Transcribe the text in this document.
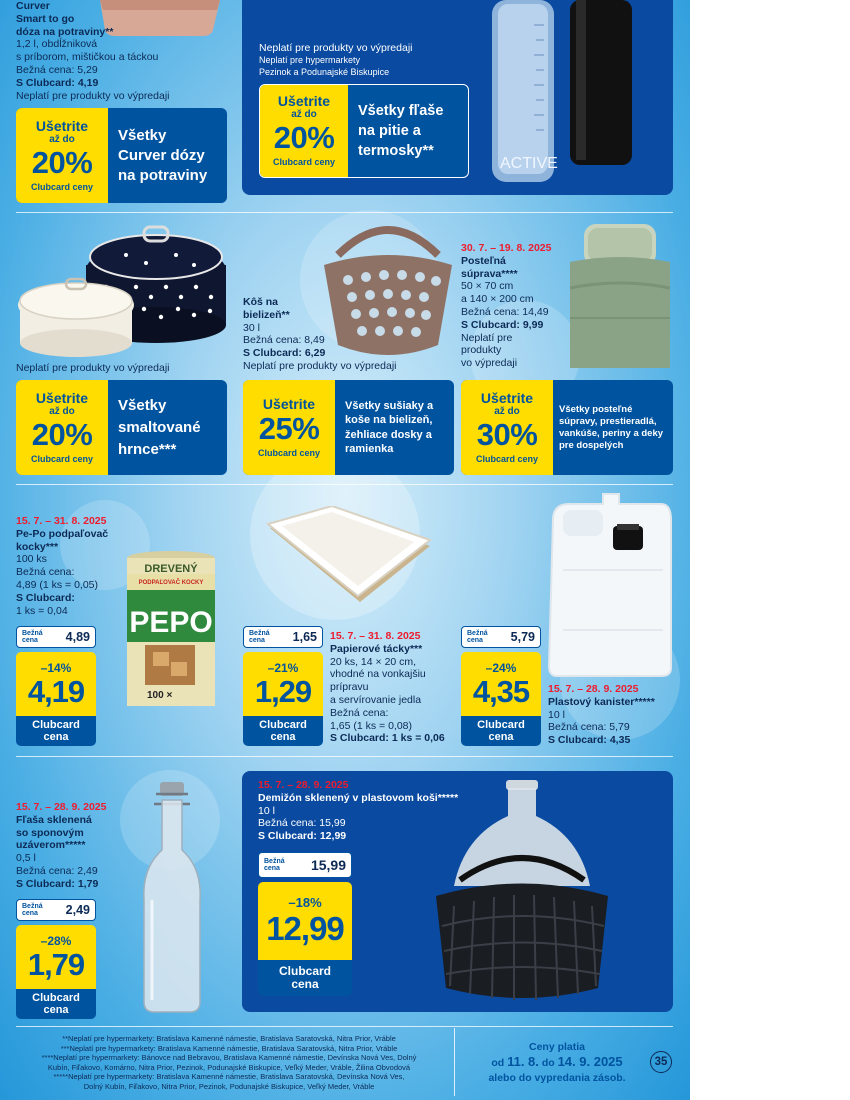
Curver
Smart to go
dóza na potraviny**
1,2 l, obdĺžniková
s príborom, mištičkou a táckou
Bežná cena: 5,29
S Clubcard: 4,19
Neplatí pre produkty vo výpredaji
Ušetrite
až do
20%
Clubcard ceny
Všetky Curver dózy na potraviny
Neplatí pre produkty vo výpredaji
Neplatí pre hypermarkety
Pezinok a Podunajské Biskupice
Ušetrite
až do
20%
Clubcard ceny
Všetky fľaše na pitie a termosky**
ACTIVE
Neplatí pre produkty vo výpredaji
Ušetrite
až do
20%
Clubcard ceny
Všetky smaltované hrnce***
Kôš na
bielizeň**
30 l
Bežná cena: 8,49
S Clubcard: 6,29
Neplatí pre produkty vo výpredaji
Ušetrite
25%
Clubcard ceny
Všetky sušiaky a koše na bielizeň, žehliace dosky a ramienka
30. 7. – 19. 8. 2025
Posteľná
súprava****
50 × 70 cm
a 140 × 200 cm
Bežná cena: 14,49
S Clubcard: 9,99
Neplatí pre
produkty
vo výpredaji
Ušetrite
až do
30%
Clubcard ceny
Všetky posteľné súpravy, prestieradlá, vankúše, periny a deky pre dospelých
15. 7. – 31. 8. 2025
Pe-Po podpaľovač
kocky***
100 ks
Bežná cena:
4,89 (1 ks = 0,05)
S Clubcard:
1 ks = 0,04
DREVENÝ
PODPAĽOVAČ KOCKY
PEPO
100 ×
Bežná cena	4,89
–14%
4,19
Clubcard
cena
Bežná cena	1,65
–21%
1,29
Clubcard
cena
15. 7. – 31. 8. 2025
Papierové tácky***
20 ks, 14 × 20 cm,
vhodné na vonkajšiu
prípravu
a servírovanie jedla
Bežná cena:
1,65 (1 ks = 0,08)
S Clubcard: 1 ks = 0,06
Bežná cena	5,79
–24%
4,35
Clubcard
cena
15. 7. – 28. 9. 2025
Plastový kanister*****
10 l
Bežná cena: 5,79
S Clubcard: 4,35
15. 7. – 28. 9. 2025
Fľaša sklenená
so sponovým
uzáverom*****
0,5 l
Bežná cena: 2,49
S Clubcard: 1,79
Bežná cena	2,49
–28%
1,79
Clubcard
cena
15. 7. – 28. 9. 2025
Demižón sklenený v plastovom koši*****
10 l
Bežná cena: 15,99
S Clubcard: 12,99
Bežná cena	15,99
–18%
12,99
Clubcard
cena
**Neplatí pre hypermarkety: Bratislava Kamenné námestie, Bratislava Saratovská, Nitra Prior, Vráble
***Neplatí pre hypermarkety: Bratislava Kamenné námestie, Bratislava Saratovská, Nitra Prior, Vráble
****Neplatí pre hypermarkety: Bánovce nad Bebravou, Bratislava Kamenné námestie, Devínska Nová Ves, Dolný
Kubín, Fiľakovo, Komárno, Nitra Prior, Pezinok, Podunajské Biskupice, Veľký Meder, Vráble, Žilina Obvodová
*****Neplatí pre hypermarkety: Bratislava Kamenné námestie, Bratislava Saratovská, Devínska Nová Ves,
Dolný Kubín, Fiľakovo, Nitra Prior, Pezinok, Podunajské Biskupice, Veľký Meder, Vráble
Ceny platia
od 11. 8. do 14. 9. 2025
alebo do vypredania zásob.
35
